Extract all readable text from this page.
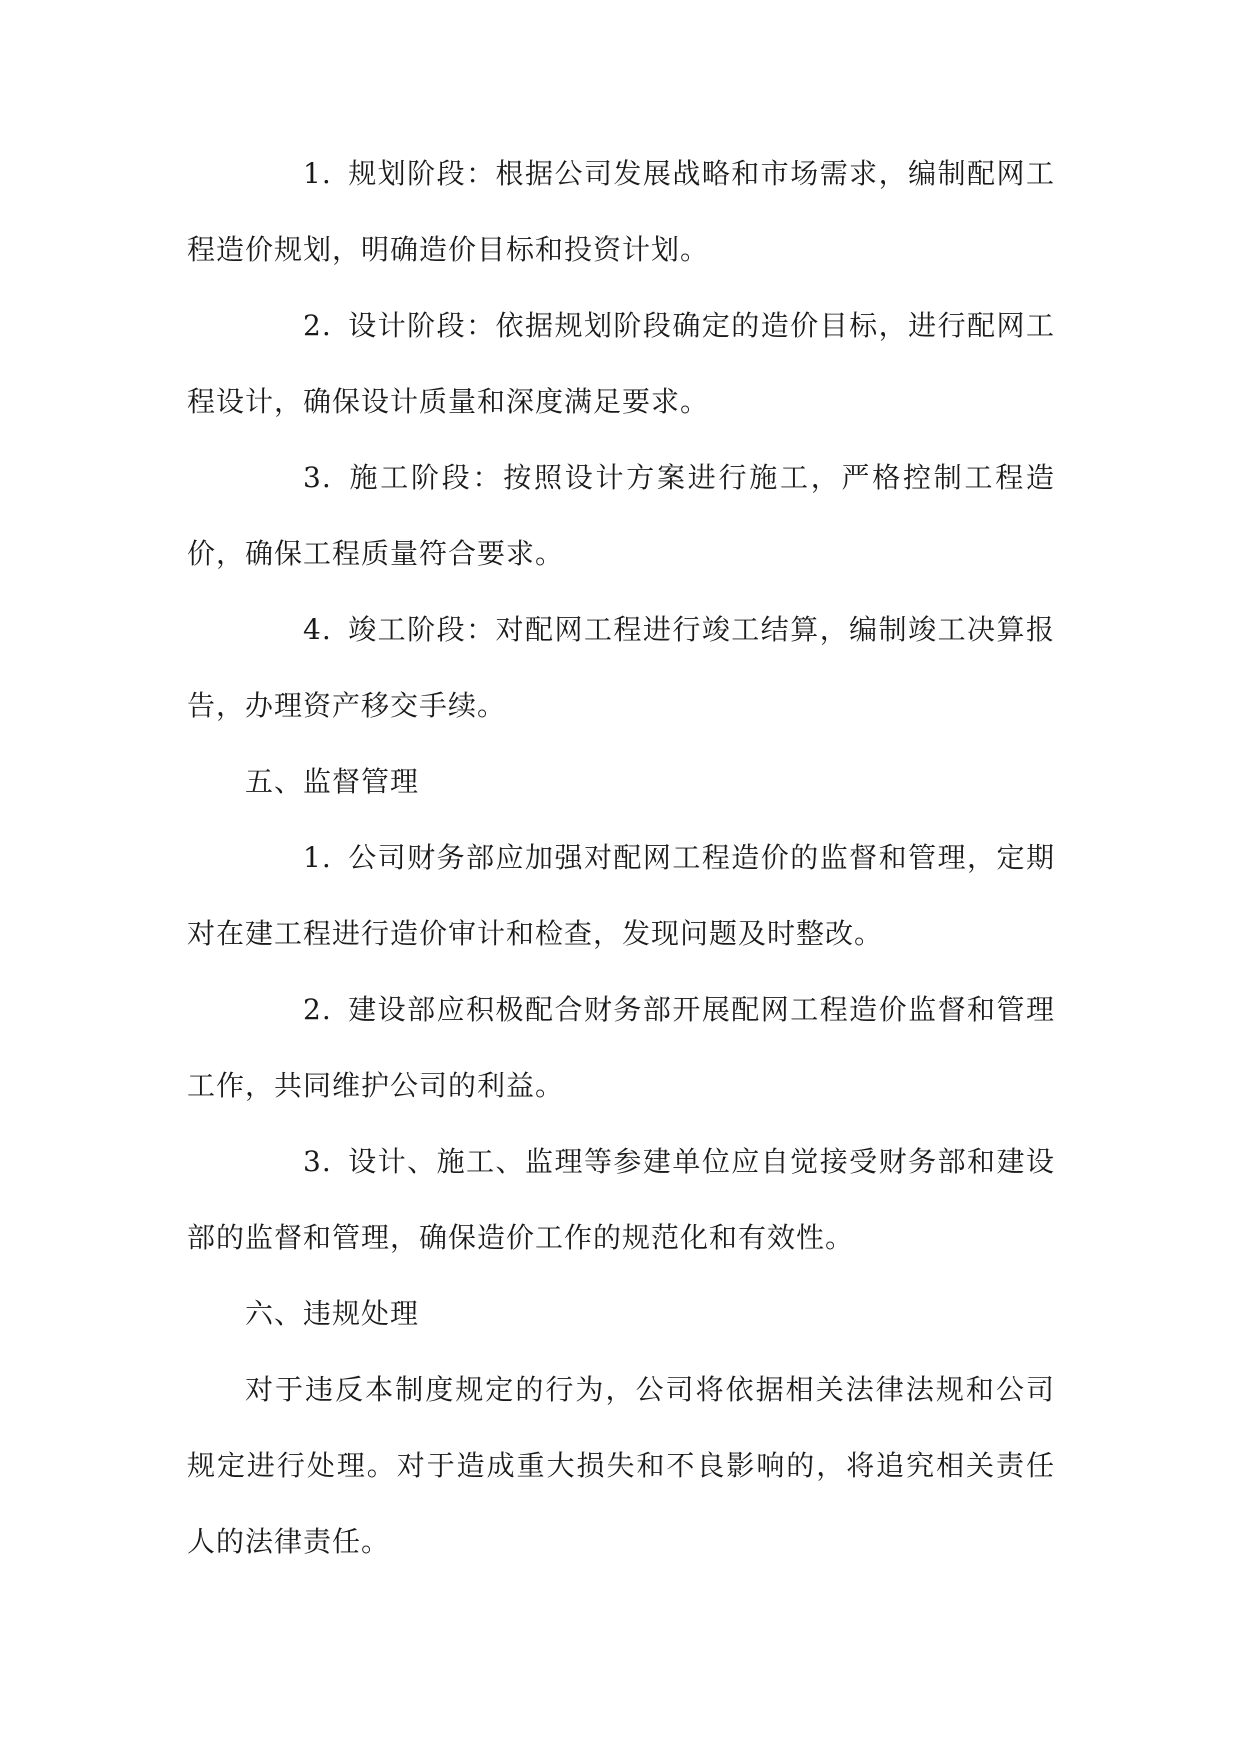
1. 规划阶段：根据公司发展战略和市场需求，编制配网工程造价规划，明确造价目标和投资计划。

2. 设计阶段：依据规划阶段确定的造价目标，进行配网工程设计，确保设计质量和深度满足要求。

3. 施工阶段：按照设计方案进行施工，严格控制工程造价，确保工程质量符合要求。

4. 竣工阶段：对配网工程进行竣工结算，编制竣工决算报告，办理资产移交手续。

五、监督管理

1. 公司财务部应加强对配网工程造价的监督和管理，定期对在建工程进行造价审计和检查，发现问题及时整改。

2. 建设部应积极配合财务部开展配网工程造价监督和管理工作，共同维护公司的利益。

3. 设计、施工、监理等参建单位应自觉接受财务部和建设部的监督和管理，确保造价工作的规范化和有效性。

六、违规处理

对于违反本制度规定的行为，公司将依据相关法律法规和公司规定进行处理。对于造成重大损失和不良影响的，将追究相关责任人的法律责任。
